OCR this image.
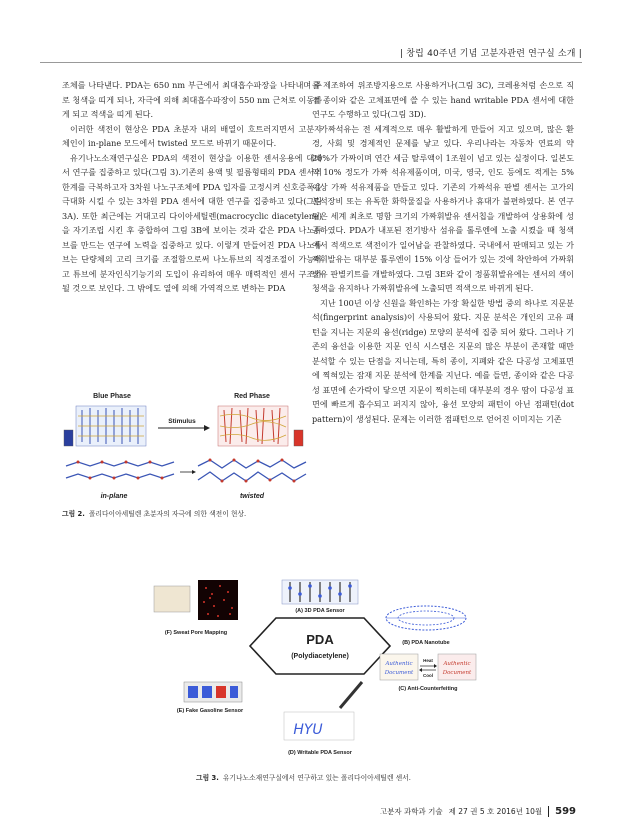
| 창립 40주년 기념 고분자관련 연구실 소개 |

조체를 나타낸다. PDA는 650 nm 부근에서 최대흡수파장을 나타내며 주로 청색을 띠게 되나, 자극에 의해 최대흡수파장이 550 nm 근처로 이동하게 되고 적색을 띠게 된다.

이러한 색전이 현상은 PDA 초분자 내의 배열이 흐트러지면서 고분자 체인이 in-plane 모드에서 twisted 모드로 바뀌기 때문이다.

유기나노소재연구실은 PDA의 색전이 현상을 이용한 센서응용에 대해서 연구를 집중하고 있다(그림 3).기존의 용액 및 필름형태의 PDA 센서의 한계를 극복하고자 3차원 나노구조체에 PDA 입자를 고정시켜 신호증폭을 극대화 시킬 수 있는 3차원 PDA 센서에 대한 연구를 집중하고 있다(그림 3A). 또한 최근에는 거대고리 다이아세틸렌(macrocyclic diacetylene)을 자기조립 시킨 후 중합하여 그림 3B에 보이는 것과 같은 PDA 나노튜브를 만드는 연구에 노력을 집중하고 있다. 이렇게 만들어진 PDA 나노튜브는 단량체의 고리 크기를 조절함으로써 나노튜브의 직경조절이 가능하고 튜브에 분자인식기능기의 도입이 유리하여 매우 매력적인 센서 구조가 될 것으로 보인다. 그 밖에도 열에 의해 가역적으로 변하는 PDA

Blue Phase	Red Phase
Stimulus
in-plane	twisted
그림 2. 폴리다이아세틸렌 초분자의 자극에 의한 색전이 현상.

를 제조하여 위조방지용으로 사용하거나(그림 3C), 크레용처럼 손으로 직접 종이와 같은 고체표면에 쓸 수 있는 hand writable PDA 센서에 대한 연구도 수행하고 있다(그림 3D).

가짜석유는 전 세계적으로 매우 활발하게 만들어 지고 있으며, 많은 환경, 사회 및 경제적인 문제를 낳고 있다. 우리나라는 자동차 연료의 약 20%가 가짜이며 연간 세금 탈루액이 1조원이 넘고 있는 실정이다. 일본도 약 10% 정도가 가짜 석유제품이며, 미국, 영국, 인도 등에도 적게는 5% 이상 가짜 석유제품을 만들고 있다. 기존의 가짜석유 판별 센서는 고가의 분석장비 또는 유독한 화학물질을 사용하거나 휴대가 불편하였다. 본 연구팀은 세계 최초로 명함 크기의 가짜휘발유 센서칩을 개발하여 상용화에 성공하였다. PDA가 내포된 전기방사 섬유를 톨루엔에 노출 시켰을 때 청색에서 적색으로 색전이가 일어남을 관찰하였다. 국내에서 판매되고 있는 가짜휘발유는 대부분 톨루엔이 15% 이상 들어가 있는 것에 착안하여 가짜휘발유 판별키트를 개발하였다. 그림 3E와 같이 정품휘발유에는 센서의 색이 청색을 유지하나 가짜휘발유에 노출되면 적색으로 바뀌게 된다.

지난 100년 이상 신원을 확인하는 가장 확실한 방법 중의 하나로 지문분석(fingerprint analysis)이 사용되어 왔다. 지문 분석은 개인의 고유 패턴을 지니는 지문의 융선(ridge) 모양의 분석에 집중 되어 왔다. 그러나 기존의 융선을 이용한 지문 인식 시스템은 지문의 많은 부분이 존재할 때만 분석할 수 있는 단점을 지니는데, 특히 종이, 지폐와 같은 다공성 고체표면에 찍혀있는 잠재 지문 분석에 한계를 지닌다. 예를 들면, 종이와 같은 다공성 표면에 손가락이 닿으면 지문이 찍히는데 대부분의 경우 땀이 다공성 표면에 빠르게 흡수되고 퍼지지 않아, 융선 모양의 패턴이 아닌 점패턴(dot pattern)이 생성된다. 문제는 이러한 점패턴으로 얻어진 이미지는 기존

PDA
(Polydiacetylene)
(A) 3D PDA Sensor
(B) PDA Nanotube
Authentic
Document
Authentic
Document
Heat
Cool
(C) Anti-Counterfeiting
HYU
(D) Writable PDA Sensor
(E) Fake Gasoline Sensor
(F) Sweat Pore Mapping
그림 3. 유기나노소재연구실에서 연구하고 있는 폴리다이아세틸렌 센서.
고분자 과학과 기술 제 27 권 5 호 2016년 10월	599
